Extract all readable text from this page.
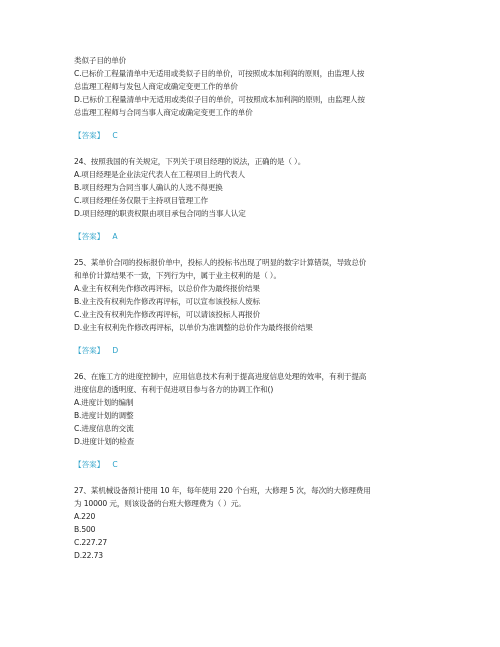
类似子目的单价
C.已标价工程量清单中无适用或类似子目的单价，可按照成本加利润的原则，由监理人按
总监理工程师与发包人商定或确定变更工作的单价
D.已标价工程量清单中无适用或类似子目的单价，可按照成本加利润的原则，由监理人按
总监理工程师与合同当事人商定或确定变更工作的单价
【答案】 C
24、按照我国的有关规定，下列关于项目经理的说法，正确的是（ ）。
A.项目经理是企业法定代表人在工程项目上的代表人
B.项目经理为合同当事人确认的人选不得更换
C.项目经理任务仅限于主持项目管理工作
D.项目经理的职责权限由项目承包合同的当事人认定
【答案】 A
25、某单价合同的投标报价单中，投标人的投标书出现了明显的数字计算错误，导致总价
和单价计算结果不一致，下列行为中，属于业主权利的是（ ）。
A.业主有权利先作修改再评标，以总价作为最终报价结果
B.业主没有权利先作修改再评标，可以宣布该投标人废标
C.业主没有权利先作修改再评标，可以请该投标人再报价
D.业主有权利先作修改再评标，以单价为准调整的总价作为最终报价结果
【答案】 D
26、在施工方的进度控制中，应用信息技术有利于提高进度信息处理的效率，有利于提高
进度信息的透明度、有利于促进项目参与各方的协调工作和()
A.进度计划的编制
B.进度计划的调整
C.进度信息的交流
D.进度计划的检查
【答案】 C
27、某机械设备预计使用 10 年，每年使用 220 个台班，大修理 5 次，每次的大修理费用
为 10000 元，则该设备的台班大修理费为（ ）元。
A.220
B.500
C.227.27
D.22.73
